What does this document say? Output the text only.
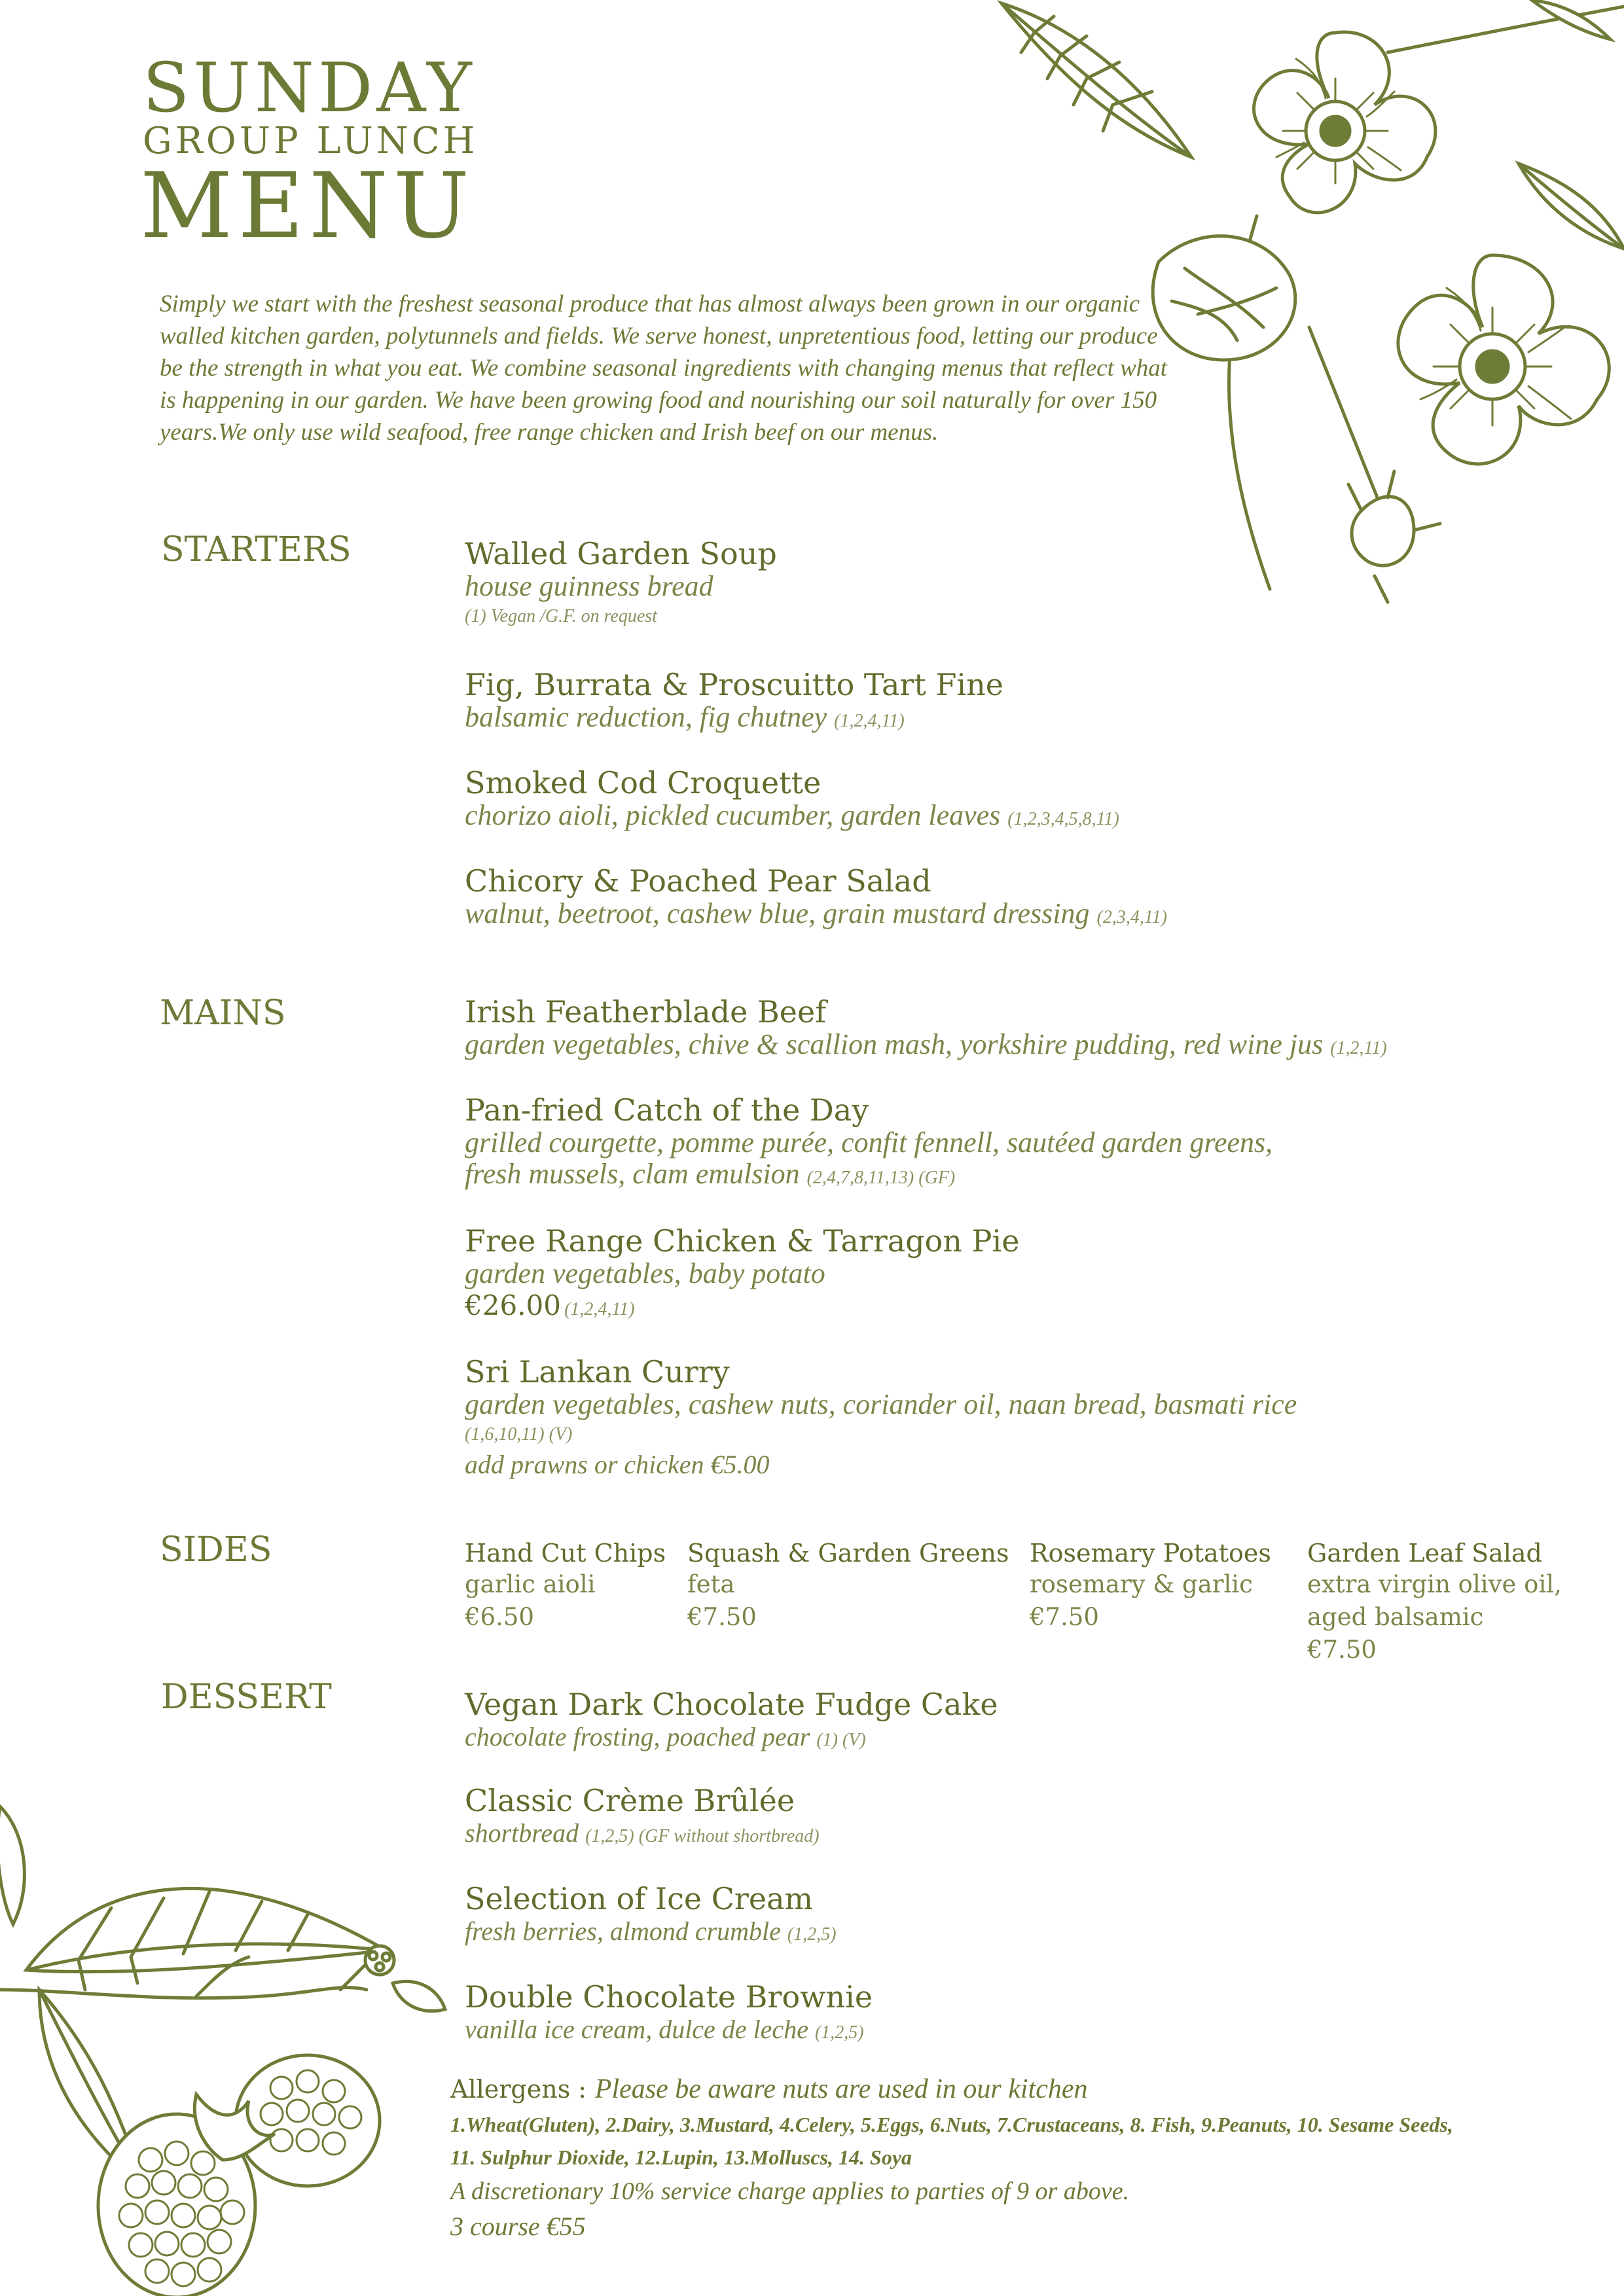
SUNDAY
GROUP LUNCH
MENU
Simply we start with the freshest seasonal produce that has almost always been grown in our organic walled kitchen garden, polytunnels and fields. We serve honest, unpretentious food, letting our produce be the strength in what you eat. We combine seasonal ingredients with changing menus that reflect what is happening in our garden. We have been growing food and nourishing our soil naturally for over 150 years.We only use wild seafood, free range chicken and Irish beef on our menus.
STARTERS
MAINS
SIDES
DESSERT
Walled Garden Soup
house guinness bread
(1) Vegan /G.F. on request
Fig, Burrata & Proscuitto Tart Fine
balsamic reduction, fig chutney (1,2,4,11)
Smoked Cod Croquette
chorizo aioli, pickled cucumber, garden leaves (1,2,3,4,5,8,11)
Chicory & Poached Pear Salad
walnut, beetroot, cashew blue, grain mustard dressing (2,3,4,11)
Irish Featherblade Beef
garden vegetables, chive & scallion mash, yorkshire pudding, red wine jus (1,2,11)
Pan-fried Catch of the Day
grilled courgette, pomme purée, confit fennell, sautéed garden greens,
fresh mussels, clam emulsion (2,4,7,8,11,13) (GF)
Free Range Chicken & Tarragon Pie
garden vegetables, baby potato
€26.00 (1,2,4,11)
Sri Lankan Curry
garden vegetables, cashew nuts, coriander oil, naan bread, basmati rice
(1,6,10,11) (V)
add prawns or chicken €5.00
Hand Cut Chips
garlic aioli
€6.50
Squash & Garden Greens
feta
€7.50
Rosemary Potatoes
rosemary & garlic
€7.50
Garden Leaf Salad
extra virgin olive oil,
aged balsamic
€7.50
Vegan Dark Chocolate Fudge Cake
chocolate frosting, poached pear (1) (V)
Classic Crème Brûlée
shortbread (1,2,5) (GF without shortbread)
Selection of Ice Cream
fresh berries, almond crumble (1,2,5)
Double Chocolate Brownie
vanilla ice cream, dulce de leche (1,2,5)
Allergens : Please be aware nuts are used in our kitchen
1.Wheat(Gluten), 2.Dairy, 3.Mustard, 4.Celery, 5.Eggs, 6.Nuts, 7.Crustaceans, 8. Fish, 9.Peanuts, 10. Sesame Seeds,
11. Sulphur Dioxide, 12.Lupin, 13.Molluscs, 14. Soya
A discretionary 10% service charge applies to parties of 9 or above.
3 course €55
